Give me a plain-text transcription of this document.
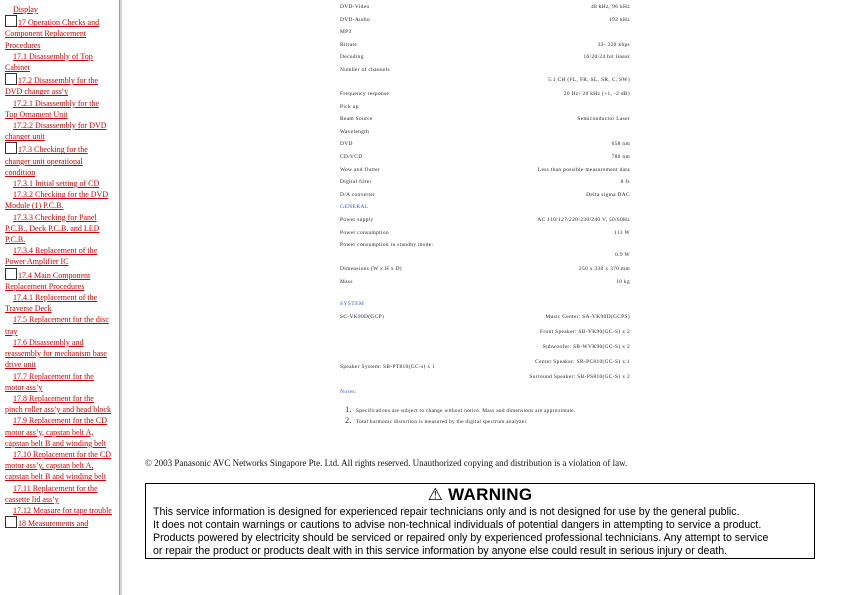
Display
17 Operation Checks and Component Replacement Procedures
17.1 Disassembly of Top Cabinet
17.2 Disassembly for the DVD changer ass’y
17.2.1 Disassembly for the Top Ornament Unit
17.2.2 Disassembly for DVD changer unit
17.3 Checking for the changer unit operational condition
17.3.1 Initial setting of CD
17.3.2 Checking for the DVD Module (1) P.C.B.
17.3.3 Checking for Panel P.C.B., Deck P.C.B. and LED P.C.B.
17.3.4 Replacement of the Power Amplifier IC
17.4 Main Component Replacement Procedures
17.4.1 Replacement of the Traverse Deck
17.5 Replacement for the disc tray
17.6 Disassembly and reassembly for mechanism base drive unit
17.7 Replacement for the motor ass’y
17.8 Replacement for the pinch roller ass’y and head block
17.9 Replacement for the CD motor ass’y, capstan belt A, capstan belt B and winding belt
17.10 Replacement for the CD motor ass’y, capstan belt A, capstan belt B and winding belt
17.11 Replacement for the cassette lid ass’y
17.12 Measure for tape trouble
18 Measurements and
DVD-Video	48 kHz, 96 kHz
DVD-Audio	192 kHz
MP3
Bitrate	32- 320 kbps
Decoding	16/20/24 bit linear
Number of channels
5.1 CH (FL, FR, SL, SR, C, SW)
Frequency response	20 Hz- 20 kHz (+1, -2 dB)
Pick up
Beam Source	Semiconductor Laser
Wavelength
DVD	658 nm
CD/VCD	780 nm
Wow and flutter	Less than possible measurement data
Digital filter	8 fs
D/A converter	Delta sigma DAC
GENERAL
Power supply	AC 110/127/220-230/240 V, 50/60Hz
Power consumption	113 W
Power consumption in standby mode:
0.9 W
Dimensions (W x H x D)	250 x 330 x 370 mm
Mass	10 kg
SYSTEM
SC-VK90D(GCP)
Speaker System: SB-PT810(GC-s) x 1
Music Center: SA-VK90D(GCPS)
Front Speaker: SB-VK90(GC-S) x 2
Subwoofer: SB-WVK90(GC-S) x 2
Center Speaker: SB-PC810(GC-S) x 1
Surround Speaker: SB-PS810(GC-S) x 2
Notes:
1. Specifications are subject to change without notice. Mass and dimensions are approximate.
2. Total harmonic distortion is measured by the digital spectrum analyzer.
© 2003 Panasonic AVC Networks Singapore Pte. Ltd. All rights reserved. Unauthorized copying and distribution is a violation of law.
⚠ WARNING
This service information is designed for experienced repair technicians only and is not designed for use by the general public.
It does not contain warnings or cautions to advise non-technical individuals of potential dangers in attempting to service a product.
Products powered by electricity should be serviced or repaired only by experienced professional technicians. Any attempt to service
or repair the product or products dealt with in this service information by anyone else could result in serious injury or death.
